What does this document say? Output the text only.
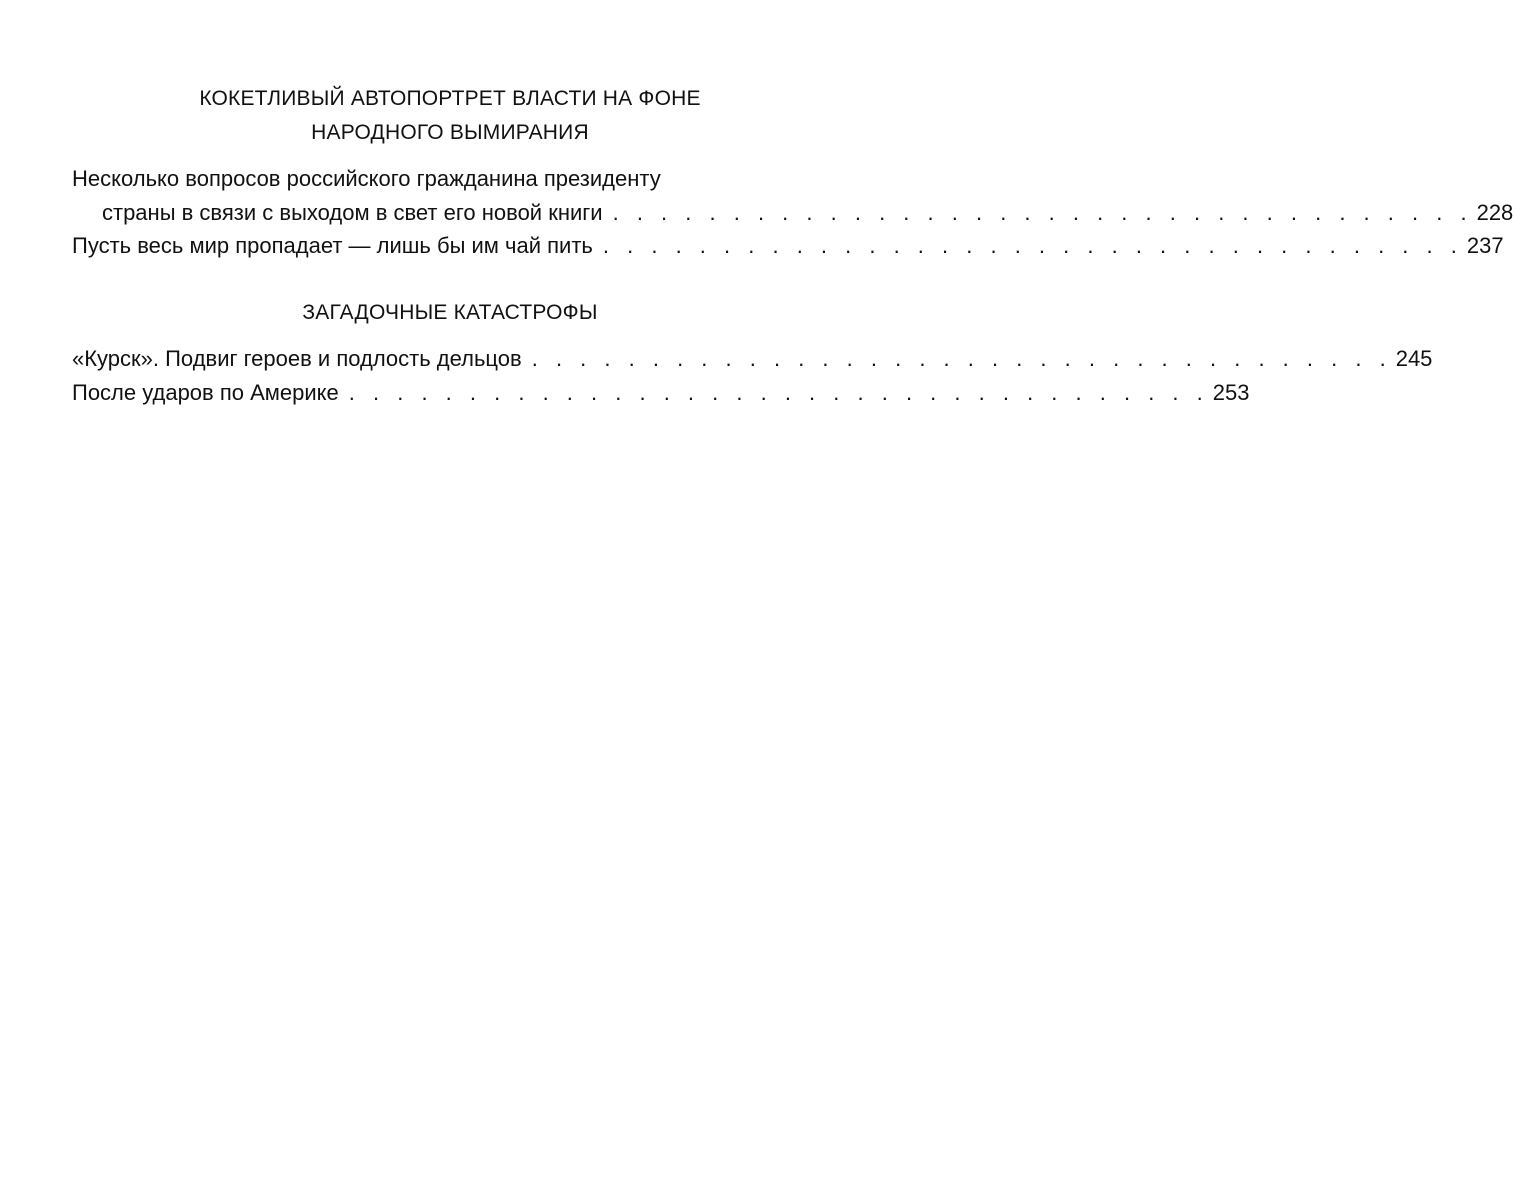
КОКЕТЛИВЫЙ АВТОПОРТРЕТ ВЛАСТИ НА ФОНЕ
НАРОДНОГО ВЫМИРАНИЯ
Несколько вопросов российского гражданина президенту
страны в связи с выходом в свет его новой книги . . . . . . . . . . . . . . . . . . . . . . . . . . . . . . . . . . . . 228
Пусть весь мир пропадает — лишь бы им чай пить . . . . . . . . . . . . . . . . . . . . . . . . . . . . . . . . . . . . 237
ЗАГАДОЧНЫЕ КАТАСТРОФЫ
«Курск». Подвиг героев и подлость дельцов . . . . . . . . . . . . . . . . . . . . . . . . . . . . . . . . . . . . 245
После ударов по Америке . . . . . . . . . . . . . . . . . . . . . . . . . . . . . . . . . . . . 253
